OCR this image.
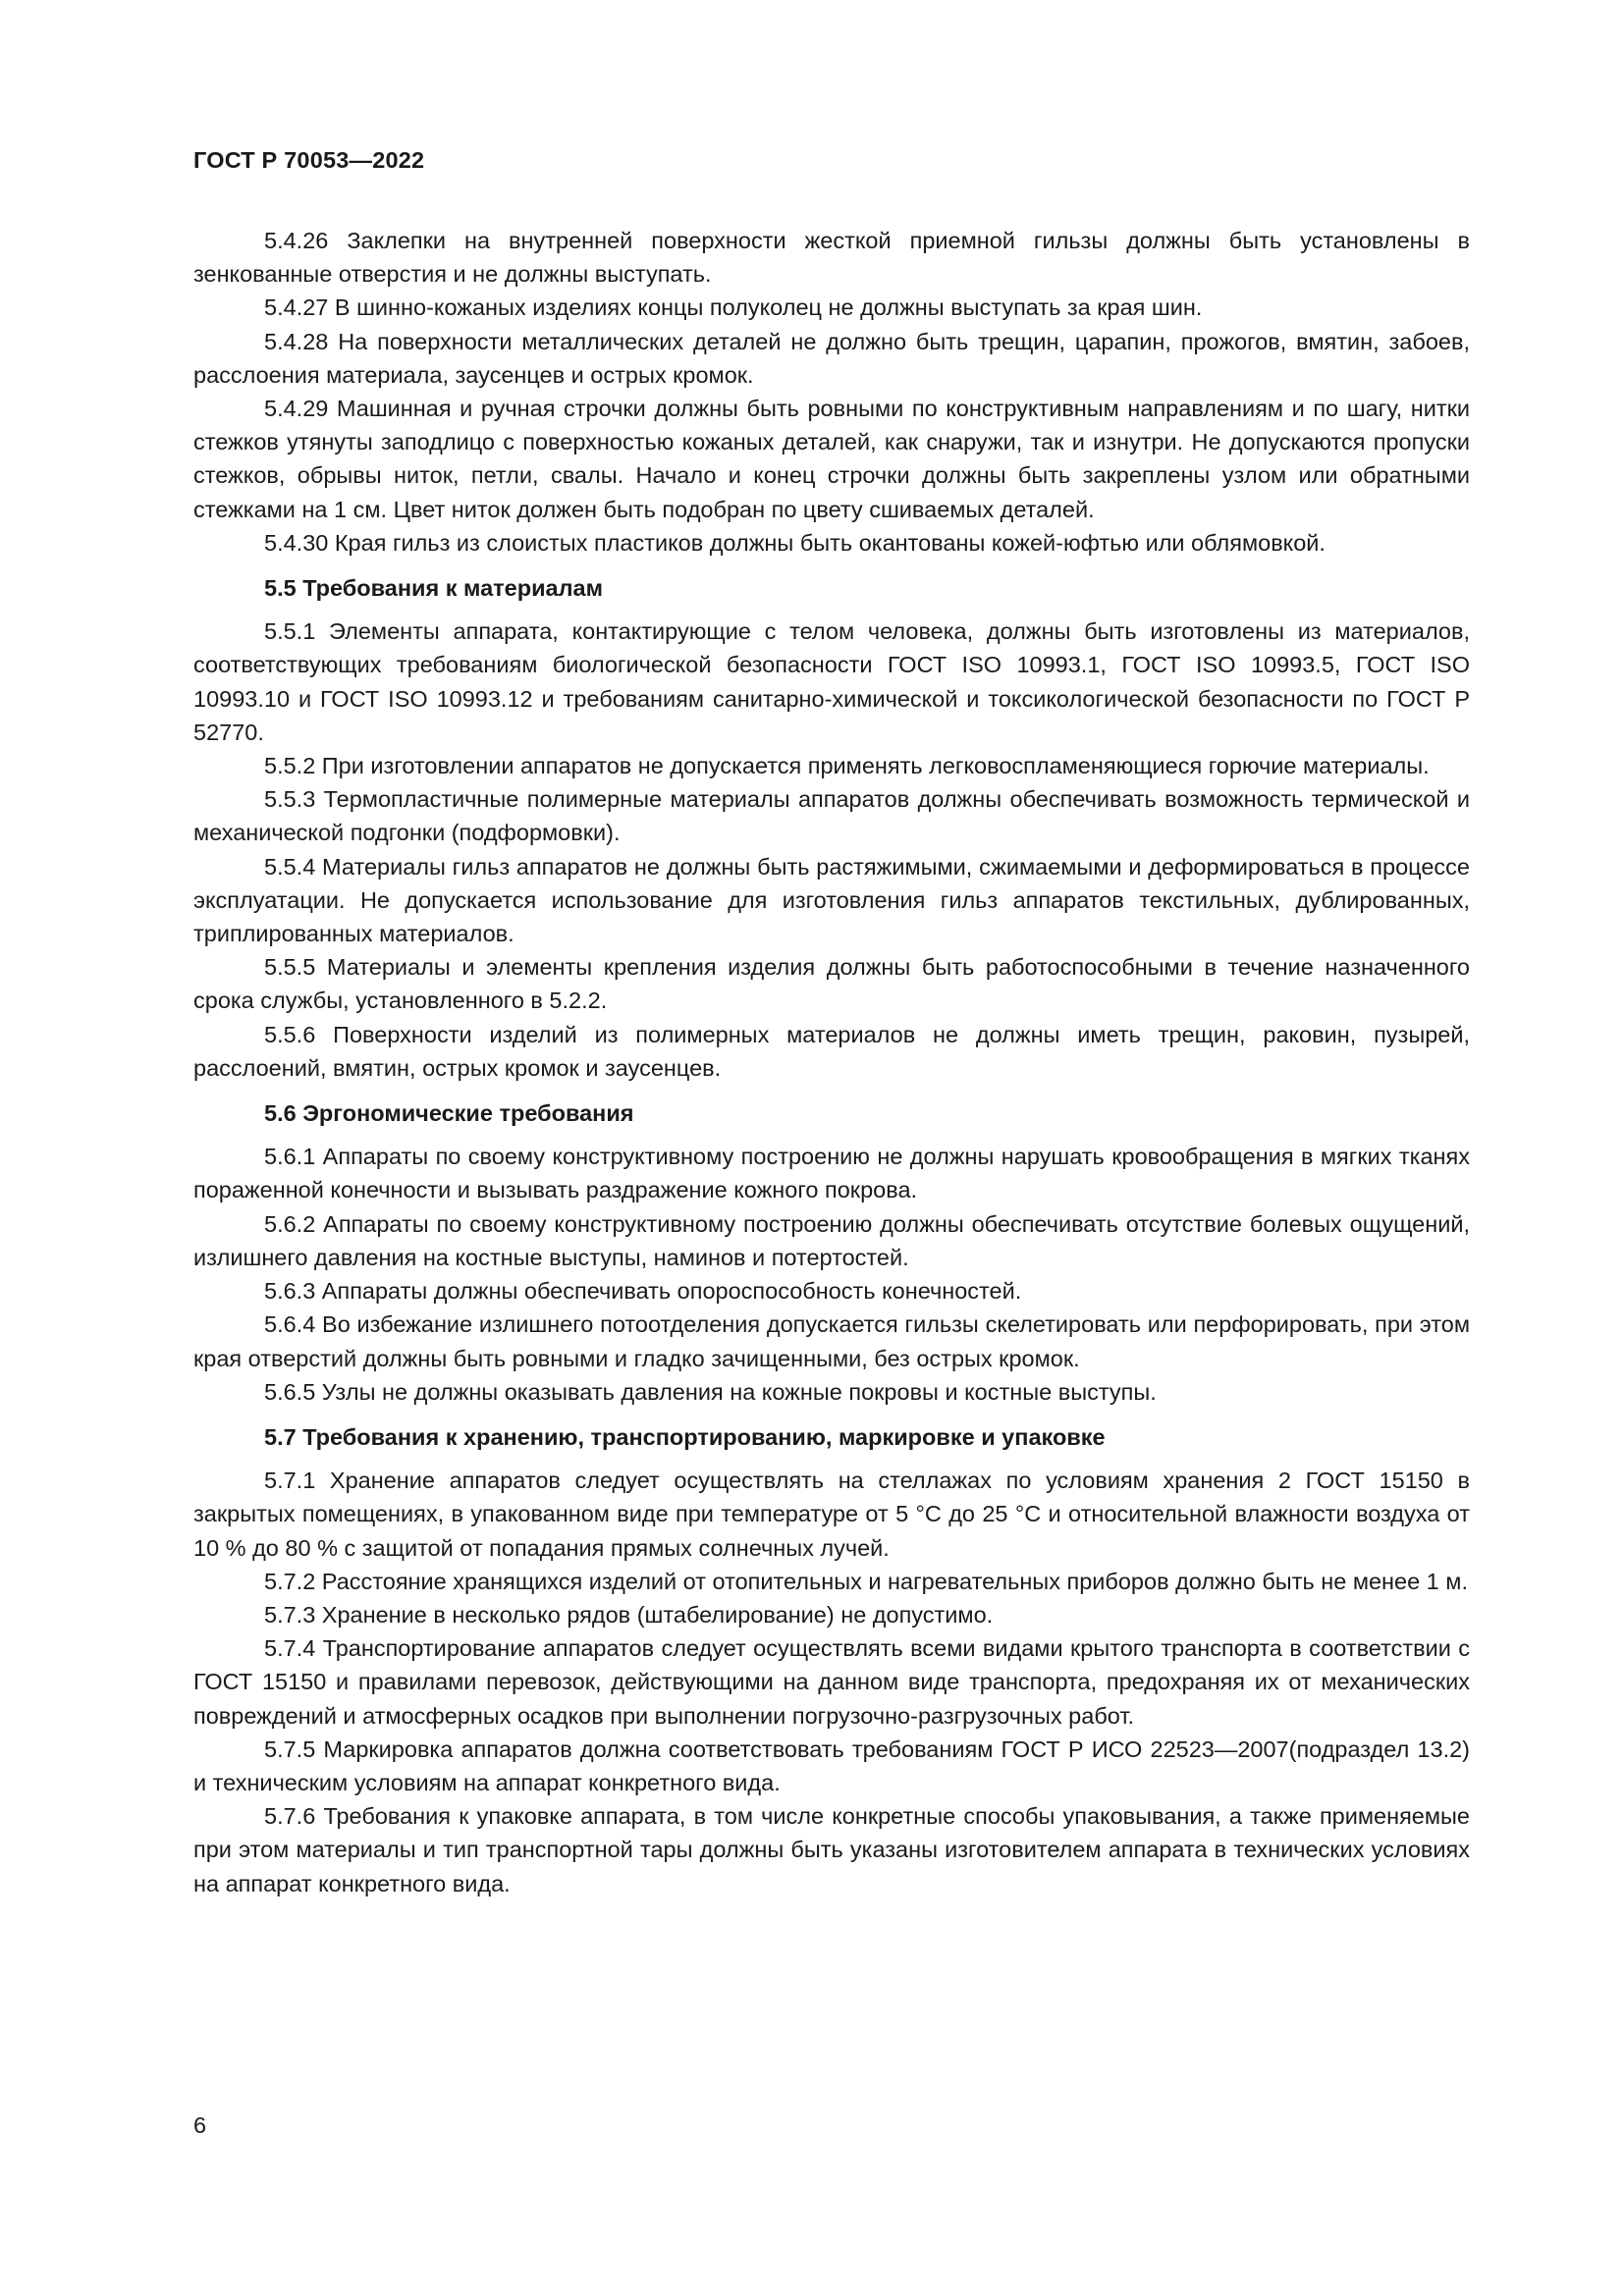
ГОСТ Р 70053—2022

5.4.26 Заклепки на внутренней поверхности жесткой приемной гильзы должны быть установлены в зенкованные отверстия и не должны выступать.

5.4.27 В шинно-кожаных изделиях концы полуколец не должны выступать за края шин.

5.4.28 На поверхности металлических деталей не должно быть трещин, царапин, прожогов, вмятин, забоев, расслоения материала, заусенцев и острых кромок.

5.4.29 Машинная и ручная строчки должны быть ровными по конструктивным направлениям и по шагу, нитки стежков утянуты заподлицо с поверхностью кожаных деталей, как снаружи, так и изнутри. Не допускаются пропуски стежков, обрывы ниток, петли, свалы. Начало и конец строчки должны быть закреплены узлом или обратными стежками на 1 см. Цвет ниток должен быть подобран по цвету сшиваемых деталей.

5.4.30 Края гильз из слоистых пластиков должны быть окантованы кожей-юфтью или облямовкой.

5.5 Требования к материалам

5.5.1 Элементы аппарата, контактирующие с телом человека, должны быть изготовлены из материалов, соответствующих требованиям биологической безопасности ГОСТ ISO 10993.1, ГОСТ ISO 10993.5, ГОСТ ISO 10993.10 и ГОСТ ISO 10993.12 и требованиям санитарно-химической и токсикологической безопасности по ГОСТ Р 52770.

5.5.2 При изготовлении аппаратов не допускается применять легковоспламеняющиеся горючие материалы.

5.5.3 Термопластичные полимерные материалы аппаратов должны обеспечивать возможность термической и механической подгонки (подформовки).

5.5.4 Материалы гильз аппаратов не должны быть растяжимыми, сжимаемыми и деформироваться в процессе эксплуатации. Не допускается использование для изготовления гильз аппаратов текстильных, дублированных, триплированных материалов.

5.5.5 Материалы и элементы крепления изделия должны быть работоспособными в течение назначенного срока службы, установленного в 5.2.2.

5.5.6 Поверхности изделий из полимерных материалов не должны иметь трещин, раковин, пузырей, расслоений, вмятин, острых кромок и заусенцев.

5.6 Эргономические требования

5.6.1 Аппараты по своему конструктивному построению не должны нарушать кровообращения в мягких тканях пораженной конечности и вызывать раздражение кожного покрова.

5.6.2 Аппараты по своему конструктивному построению должны обеспечивать отсутствие болевых ощущений, излишнего давления на костные выступы, наминов и потертостей.

5.6.3 Аппараты должны обеспечивать опороспособность конечностей.

5.6.4 Во избежание излишнего потоотделения допускается гильзы скелетировать или перфорировать, при этом края отверстий должны быть ровными и гладко зачищенными, без острых кромок.

5.6.5 Узлы не должны оказывать давления на кожные покровы и костные выступы.

5.7 Требования к хранению, транспортированию, маркировке и упаковке

5.7.1 Хранение аппаратов следует осуществлять на стеллажах по условиям хранения 2 ГОСТ 15150 в закрытых помещениях, в упакованном виде при температуре от 5 °С до 25 °С и относительной влажности воздуха от 10 % до 80 % с защитой от попадания прямых солнечных лучей.

5.7.2 Расстояние хранящихся изделий от отопительных и нагревательных приборов должно быть не менее 1 м.

5.7.3 Хранение в несколько рядов (штабелирование) не допустимо.

5.7.4 Транспортирование аппаратов следует осуществлять всеми видами крытого транспорта в соответствии с ГОСТ 15150 и правилами перевозок, действующими на данном виде транспорта, предохраняя их от механических повреждений и атмосферных осадков при выполнении погрузочно-разгрузочных работ.

5.7.5 Маркировка аппаратов должна соответствовать требованиям ГОСТ Р ИСО 22523—2007(подраздел 13.2) и техническим условиям на аппарат конкретного вида.

5.7.6 Требования к упаковке аппарата, в том числе конкретные способы упаковывания, а также применяемые при этом материалы и тип транспортной тары должны быть указаны изготовителем аппарата в технических условиях на аппарат конкретного вида.

6
